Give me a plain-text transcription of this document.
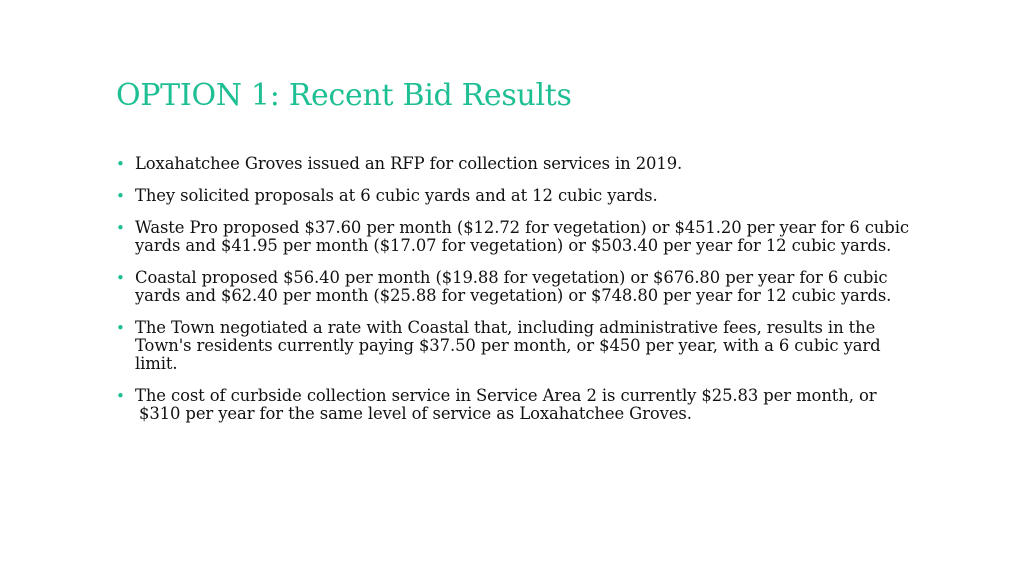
OPTION 1: Recent Bid Results
• Loxahatchee Groves issued an RFP for collection services in 2019.
• They solicited proposals at 6 cubic yards and at 12 cubic yards.
• Waste Pro proposed $37.60 per month ($12.72 for vegetation) or $451.20 per year for 6 cubic yards and $41.95 per month ($17.07 for vegetation) or $503.40 per year for 12 cubic yards.
• Coastal proposed $56.40 per month ($19.88 for vegetation) or $676.80 per year for 6 cubic yards and $62.40 per month ($25.88 for vegetation) or $748.80 per year for 12 cubic yards.
• The Town negotiated a rate with Coastal that, including administrative fees, results in the Town's residents currently paying $37.50 per month, or $450 per year, with a 6 cubic yard limit.
• The cost of curbside collection service in Service Area 2 is currently $25.83 per month, or $310 per year for the same level of service as Loxahatchee Groves.
